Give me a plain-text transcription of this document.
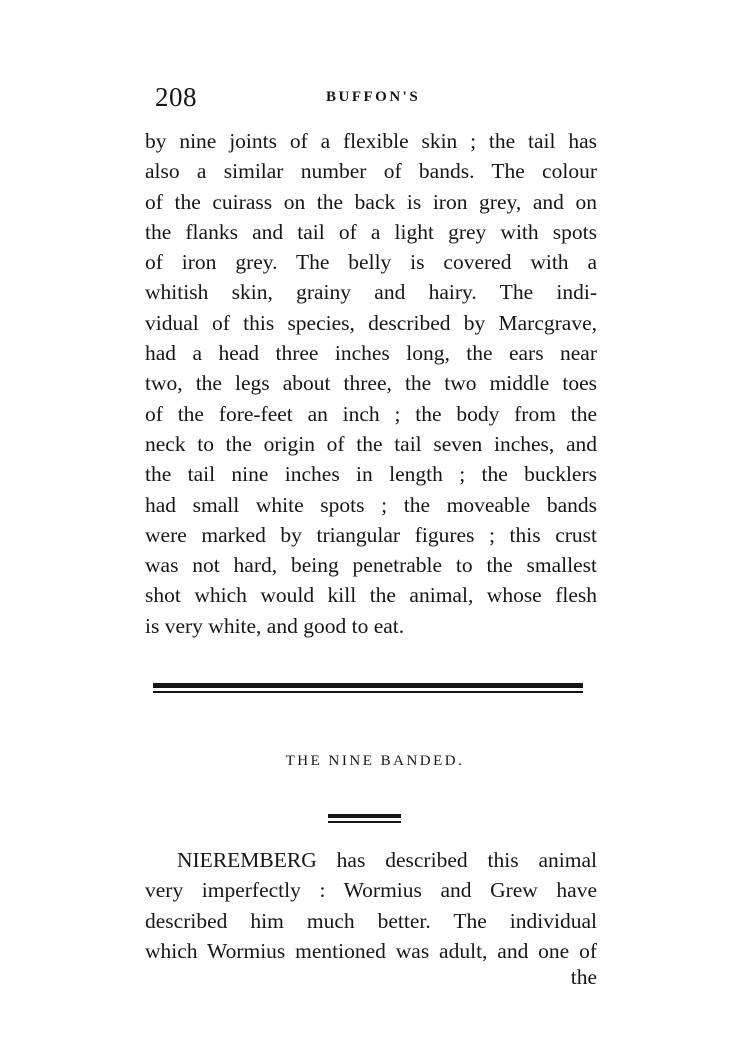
208	BUFFON'S
by nine joints of a flexible skin ; the tail has
also a similar number of bands. The colour
of the cuirass on the back is iron grey, and on
the flanks and tail of a light grey with spots
of iron grey. The belly is covered with a
whitish skin, grainy and hairy. The indi-
vidual of this species, described by Marcgrave,
had a head three inches long, the ears near
two, the legs about three, the two middle toes
of the fore-feet an inch ; the body from the
neck to the origin of the tail seven inches, and
the tail nine inches in length ; the bucklers
had small white spots ; the moveable bands
were marked by triangular figures ; this crust
was not hard, being penetrable to the smallest
shot which would kill the animal, whose flesh
is very white, and good to eat.
THE NINE BANDED.
NIEREMBERG has described this animal
very imperfectly : Wormius and Grew have
described him much better. The individual
which Wormius mentioned was adult, and one of
the
